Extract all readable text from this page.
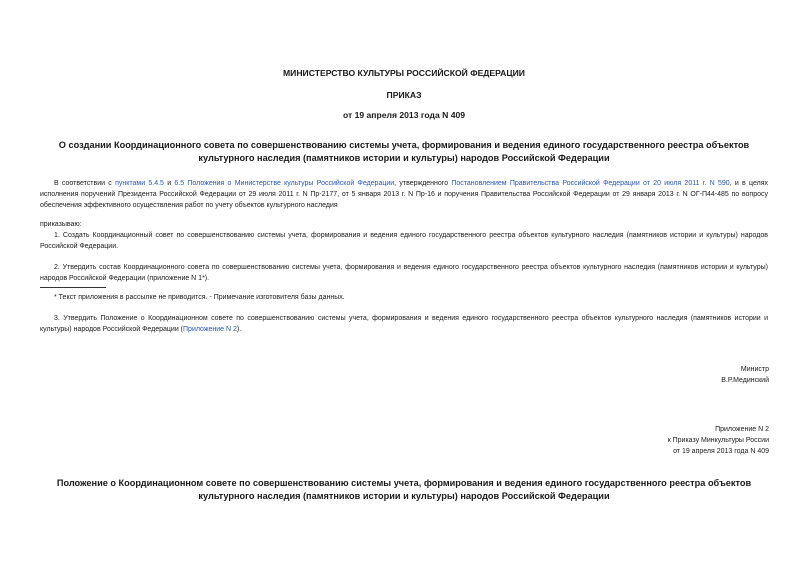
МИНИСТЕРСТВО КУЛЬТУРЫ РОССИЙСКОЙ ФЕДЕРАЦИИ
ПРИКАЗ
от 19 апреля 2013 года N 409
О создании Координационного совета по совершенствованию системы учета, формирования и ведения единого государственного реестра объектов культурного наследия (памятников истории и культуры) народов Российской Федерации
В соответствии с пунктами 5.4.5 и 6.5 Положения о Министерстве культуры Российской Федерации, утвержденного Постановлением Правительства Российской Федерации от 20 июля 2011 г. N 590, и в целях исполнения поручений Президента Российской Федерации от 29 июля 2011 г. N Пр-2177, от 5 января 2013 г. N Пр-16 и поручения Правительства Российской Федерации от 29 января 2013 г. N ОГ-П44-485 по вопросу обеспечения эффективного осуществления работ по учету объектов культурного наследия
приказываю:
1. Создать Координационный совет по совершенствованию системы учета, формирования и ведения единого государственного реестра объектов культурного наследия (памятников истории и культуры) народов Российской Федерации.
2. Утвердить состав Координационного совета по совершенствованию системы учета, формирования и ведения единого государственного реестра объектов культурного наследия (памятников истории и культуры) народов Российской Федерации (приложение N 1*).
* Текст приложения в рассылке не приводится. - Примечание изготовителя базы данных.
3. Утвердить Положение о Координационном совете по совершенствованию системы учета, формирования и ведения единого государственного реестра объектов культурного наследия (памятников истории и культуры) народов Российской Федерации (Приложение N 2).
Министр
В.Р.Мединский
Приложение N 2
к Приказу Минкультуры России
от 19 апреля 2013 года N 409
Положение о Координационном совете по совершенствованию системы учета, формирования и ведения единого государственного реестра объектов культурного наследия (памятников истории и культуры) народов Российской Федерации
